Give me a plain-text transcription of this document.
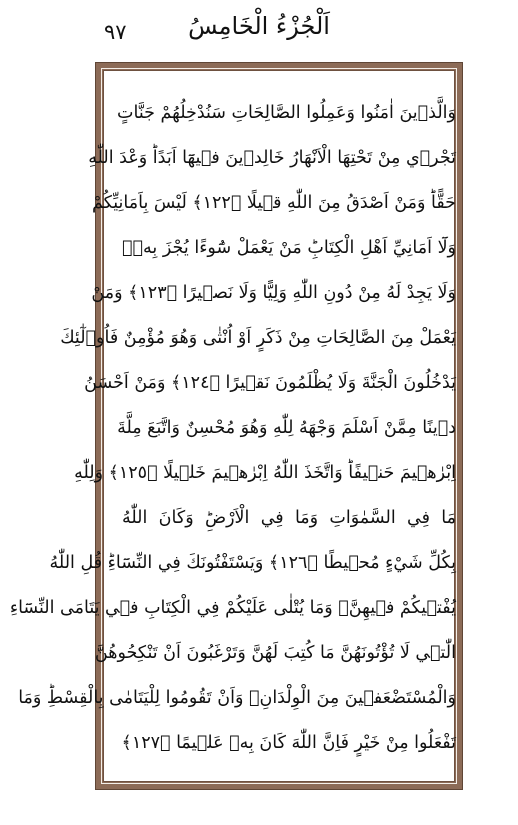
٩٧	اَلْجُزْءُ الْخَامِسُ
وَالَّذ۪ينَ اٰمَنُوا وَعَمِلُوا الصَّالِحَاتِ سَنُدْخِلُهُمْ جَنَّاتٍ
تَجْر۪ي مِنْ تَحْتِهَا الْاَنْهَارُ خَالِد۪ينَ ف۪يهَٓا اَبَدًاؕ وَعْدَ اللّٰهِ
حَقًّاؕ وَمَنْ اَصْدَقُ مِنَ اللّٰهِ ق۪يلًا ﴿١٢٢﴾ لَيْسَ بِاَمَانِيِّكُمْ
وَلَٓا اَمَانِيِّ اَهْلِ الْكِتَابِؕ مَنْ يَعْمَلْ سُٓوءًا يُجْزَ بِه۪ۙ
وَلَا يَجِدْ لَهُ مِنْ دُونِ اللّٰهِ وَلِيًّا وَلَا نَص۪يرًا ﴿١٢٣﴾ وَمَنْ
يَعْمَلْ مِنَ الصَّالِحَاتِ مِنْ ذَكَرٍ اَوْ اُنْثٰى وَهُوَ مُؤْمِنٌ فَاُو۬لٰٓئِكَ
يَدْخُلُونَ الْجَنَّةَ وَلَا يُظْلَمُونَ نَق۪يرًا ﴿١٢٤﴾ وَمَنْ اَحْسَنُ
د۪ينًا مِمَّنْ اَسْلَمَ وَجْهَهُ لِلّٰهِ وَهُوَ مُحْسِنٌ وَاتَّبَعَ مِلَّةَ
اِبْرٰه۪يمَ حَن۪يفًاؕ وَاتَّخَذَ اللّٰهُ اِبْرٰه۪يمَ خَل۪يلًا ﴿١٢٥﴾ وَلِلّٰهِ
مَا فِي السَّمٰوَاتِ وَمَا فِي الْاَرْضِؕ وَكَانَ اللّٰهُ
بِكُلِّ شَيْءٍ مُح۪يطًا ﴿١٢٦﴾ وَيَسْتَفْتُونَكَ فِي النِّسَٓاءِؕ قُلِ اللّٰهُ
يُفْت۪يكُمْ ف۪يهِنَّۙ وَمَا يُتْلٰى عَلَيْكُمْ فِي الْكِتَابِ ف۪ي يَتَامَى النِّسَٓاءِ
الّٰت۪ي لَا تُؤْتُونَهُنَّ مَا كُتِبَ لَهُنَّ وَتَرْغَبُونَ اَنْ تَنْكِحُوهُنَّ
وَالْمُسْتَضْعَف۪ينَ مِنَ الْوِلْدَانِۙ وَاَنْ تَقُومُوا لِلْيَتَامٰى بِالْقِسْطِؕ وَمَا
تَفْعَلُوا مِنْ خَيْرٍ فَاِنَّ اللّٰهَ كَانَ بِه۪ عَل۪يمًا ﴿١٢٧﴾
